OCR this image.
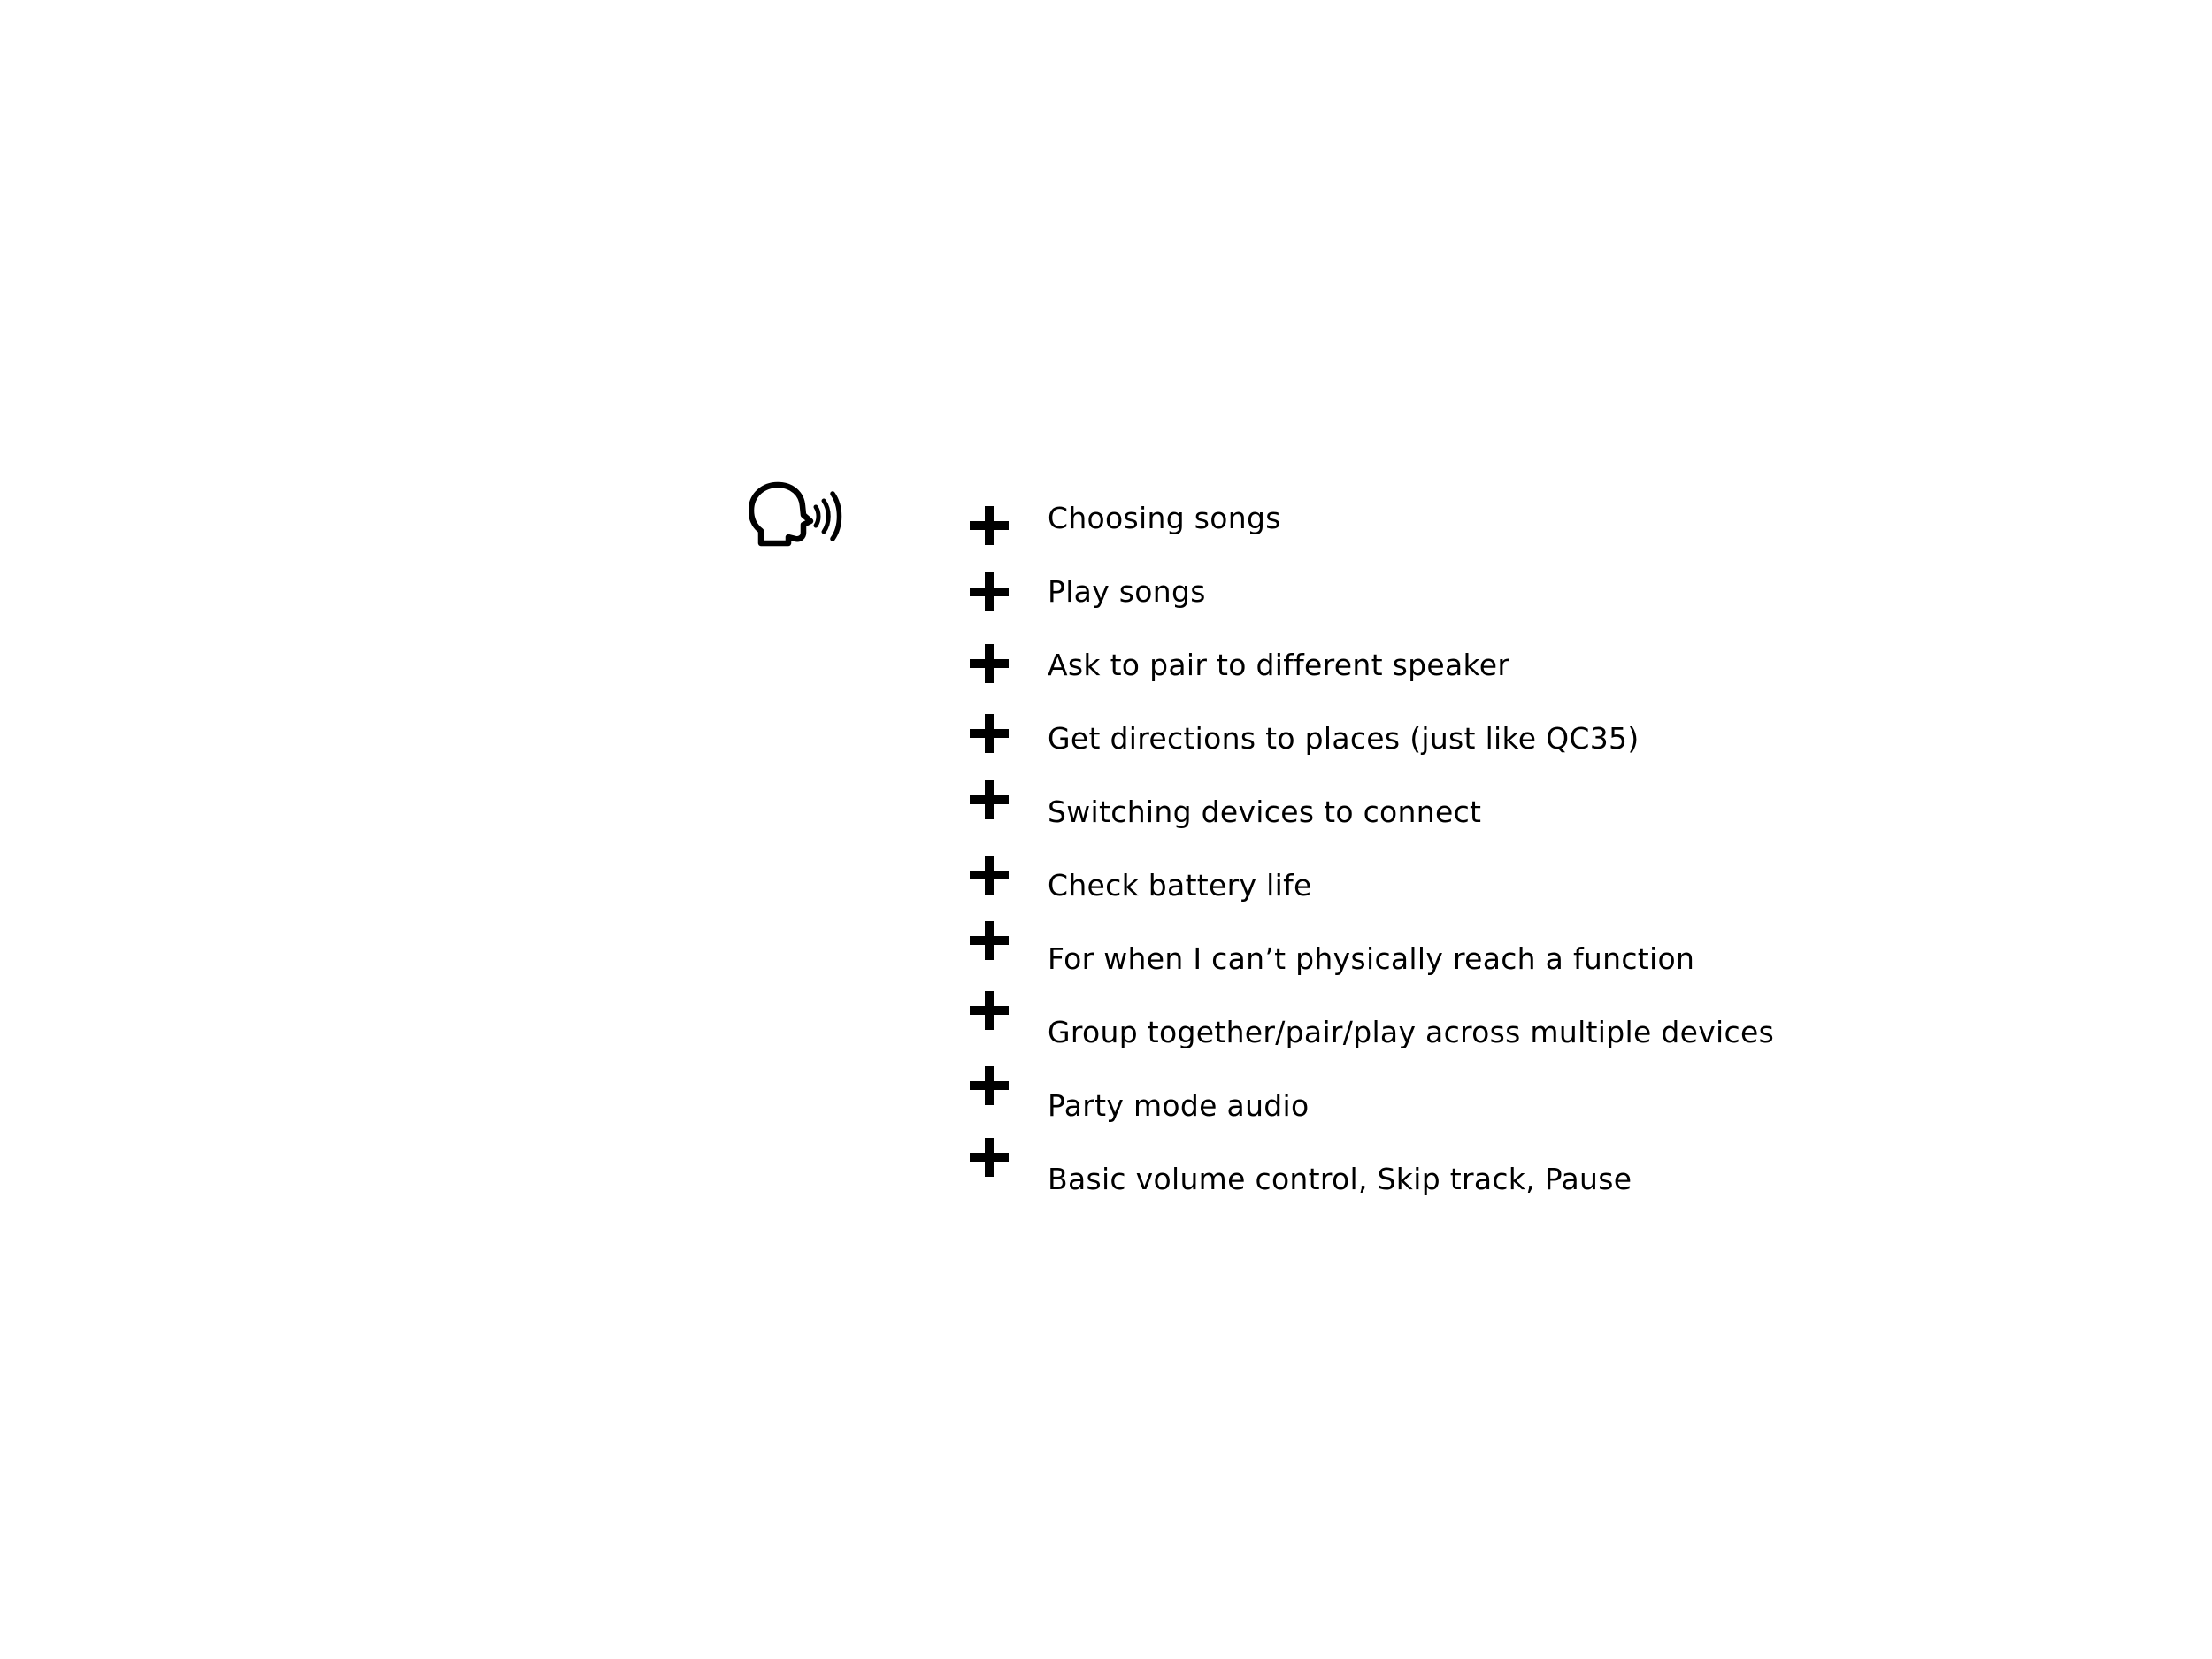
Choosing songs
Play songs
Ask to pair to different speaker
Get directions to places (just like QC35)
Switching devices to connect
Check battery life
For when I can’t physically reach a function
Group together/pair/play across multiple devices
Party mode audio
Basic volume control, Skip track, Pause
